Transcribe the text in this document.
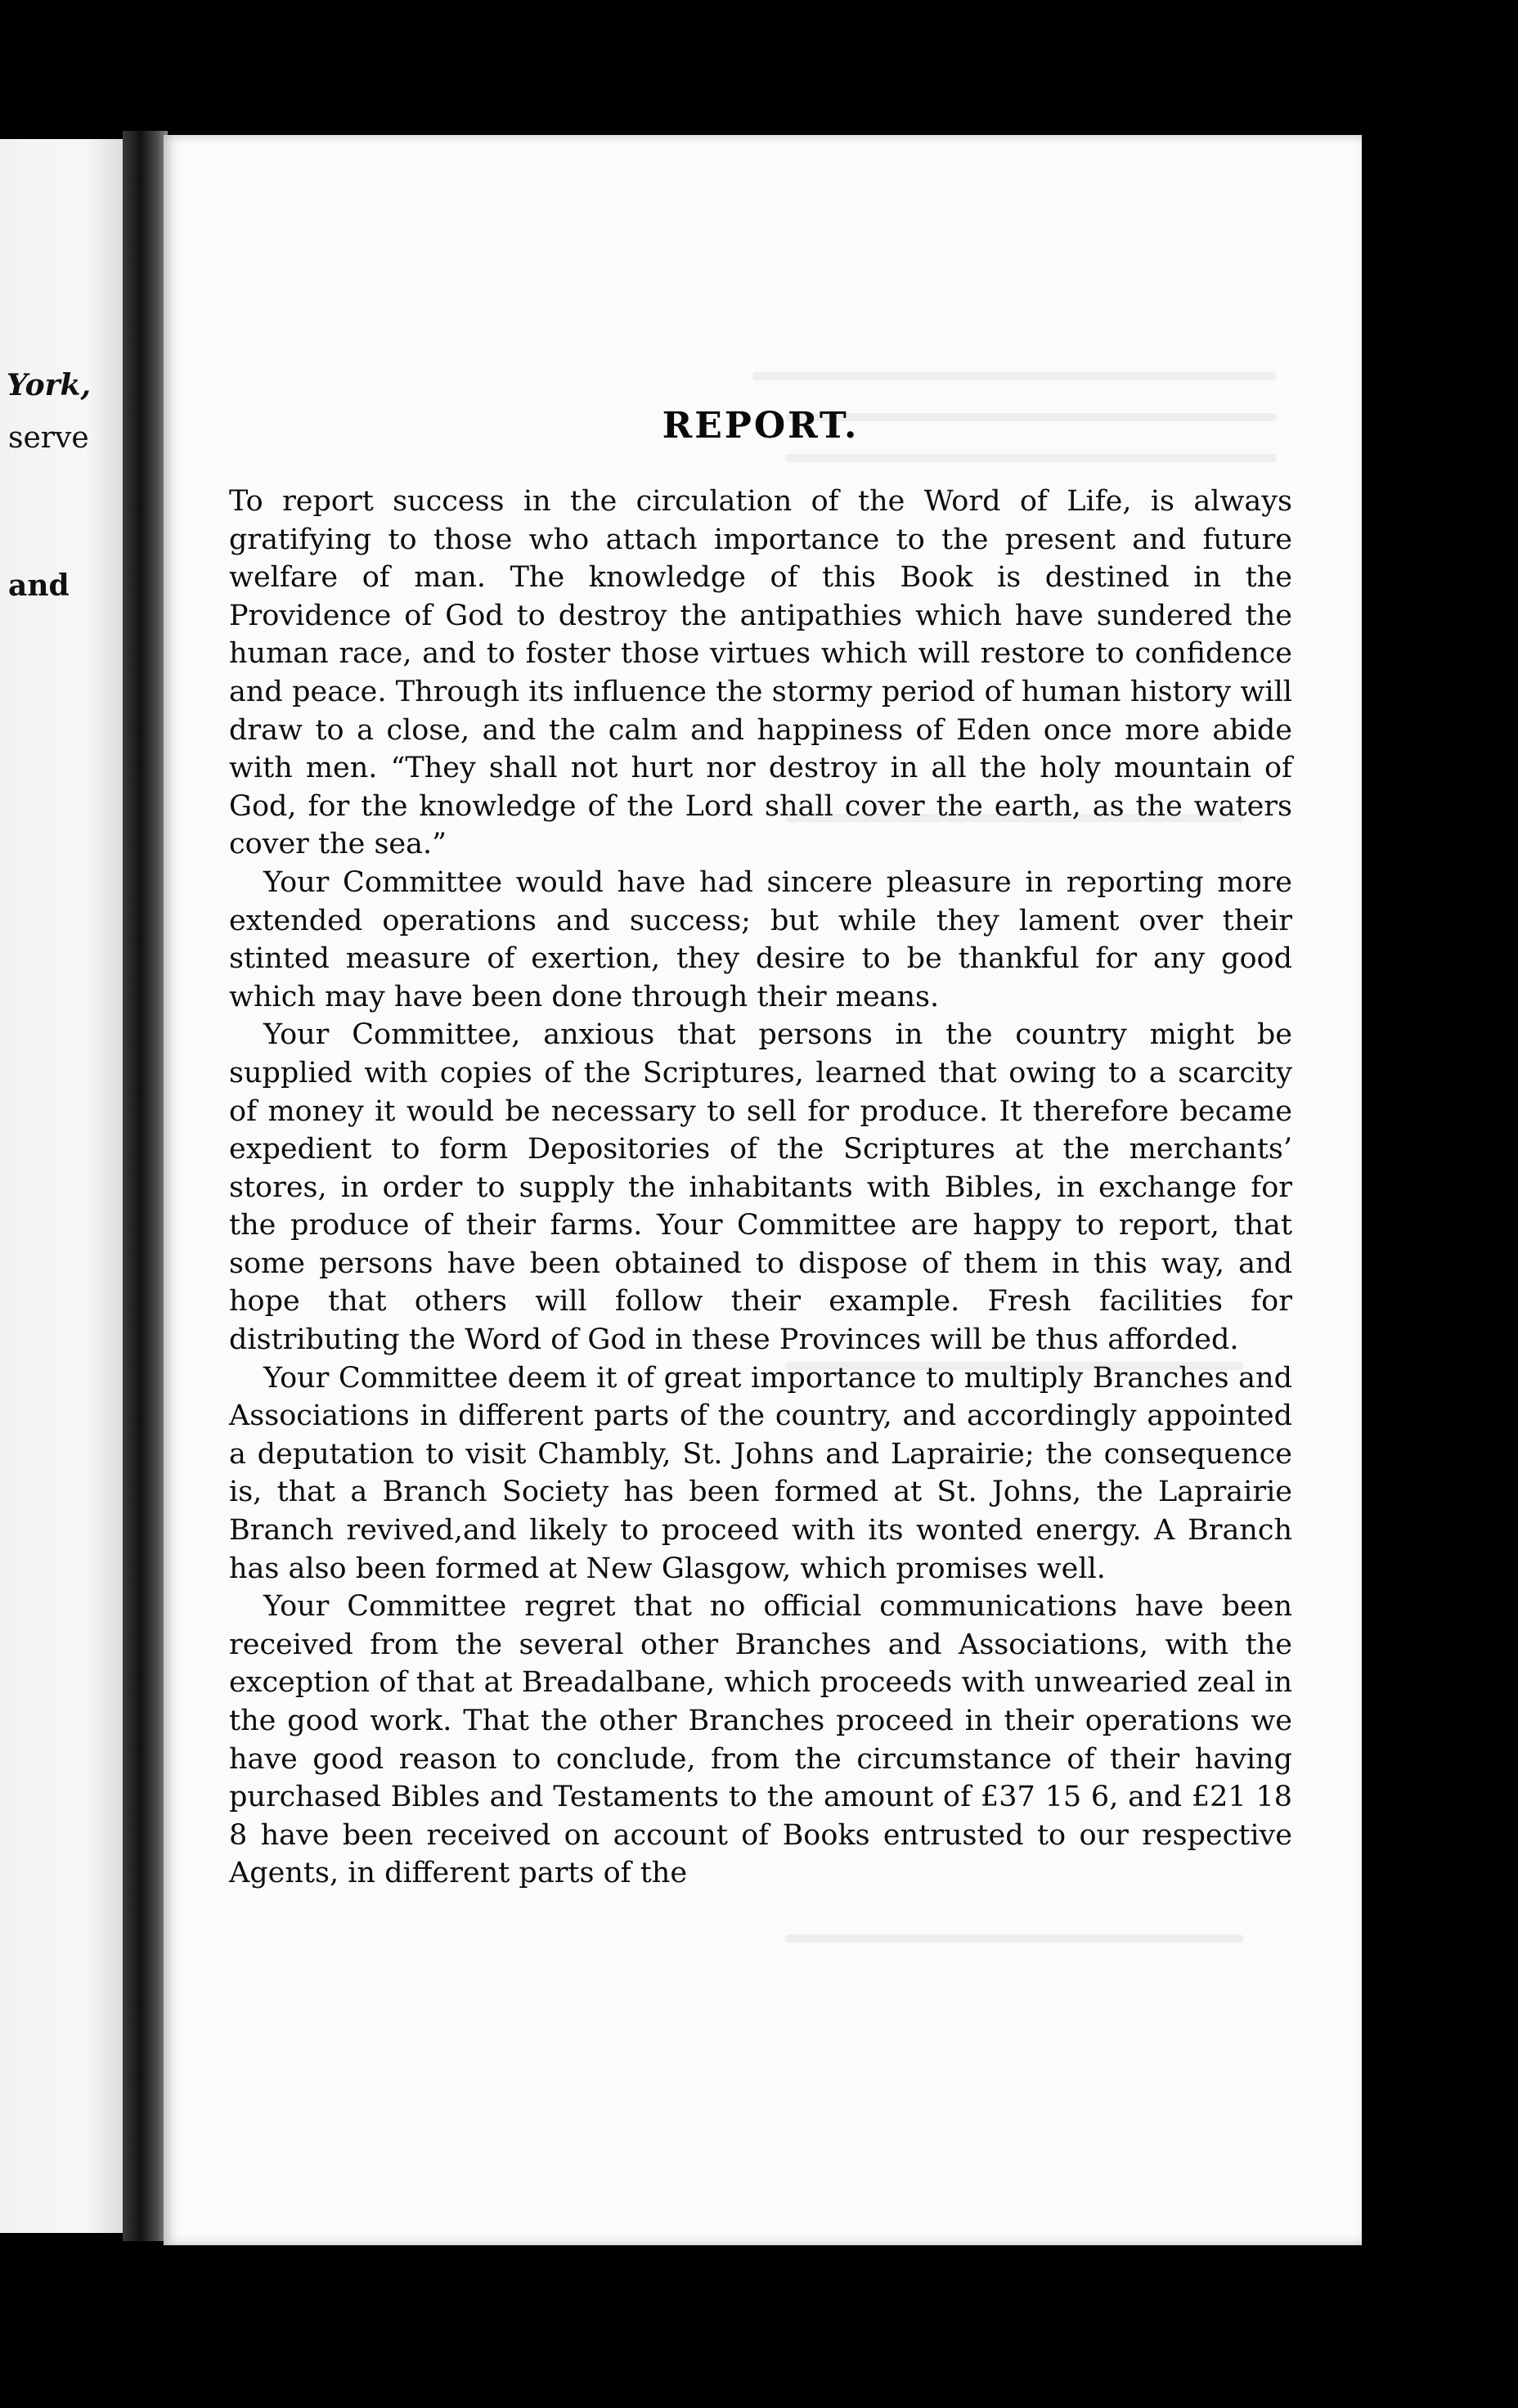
York,
serve
and
REPORT.

To report success in the circulation of the Word of Life, is always gratifying to those who attach importance to the present and future welfare of man. The knowledge of this Book is destined in the Providence of God to destroy the antipathies which have sundered the human race, and to foster those virtues which will restore to confidence and peace. Through its influence the stormy period of human history will draw to a close, and the calm and happiness of Eden once more abide with men. “They shall not hurt nor destroy in all the holy mountain of God, for the knowledge of the Lord shall cover the earth, as the waters cover the sea.”

Your Committee would have had sincere pleasure in reporting more extended operations and success; but while they lament over their stinted measure of exertion, they desire to be thankful for any good which may have been done through their means.

Your Committee, anxious that persons in the country might be supplied with copies of the Scriptures, learned that owing to a scarcity of money it would be necessary to sell for produce. It therefore became expedient to form Depositories of the Scriptures at the merchants’ stores, in order to supply the inhabitants with Bibles, in exchange for the produce of their farms. Your Committee are happy to report, that some persons have been obtained to dispose of them in this way, and hope that others will follow their example. Fresh facilities for distributing the Word of God in these Provinces will be thus afforded.

Your Committee deem it of great importance to multiply Branches and Associations in different parts of the country, and accordingly appointed a deputation to visit Chambly, St. Johns and Laprairie; the consequence is, that a Branch Society has been formed at St. Johns, the Laprairie Branch revived,and likely to proceed with its wonted energy. A Branch has also been formed at New Glasgow, which promises well.

Your Committee regret that no official communications have been received from the several other Branches and Associations, with the exception of that at Breadalbane, which proceeds with unwearied zeal in the good work. That the other Branches proceed in their operations we have good reason to conclude, from the circumstance of their having purchased Bibles and Testaments to the amount of £37 15 6, and £21 18 8 have been received on account of Books entrusted to our respective Agents, in different parts of the
